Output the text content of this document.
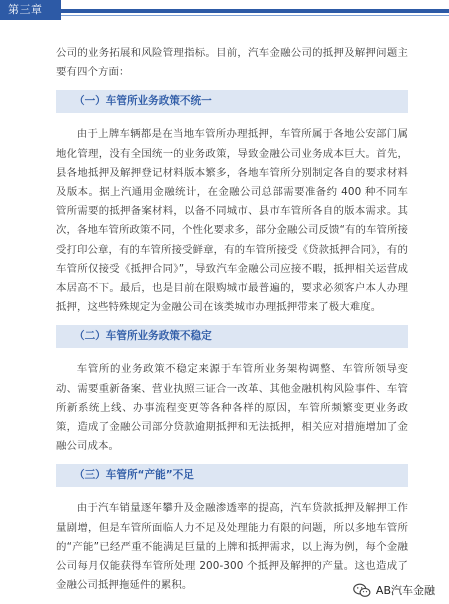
第三章

公司的业务拓展和风险管理指标。目前，汽车金融公司的抵押及解押问题主要有四个方面：

（一）车管所业务政策不统一

由于上牌车辆都是在当地车管所办理抵押，车管所属于各地公安部门属地化管理，没有全国统一的业务政策，导致金融公司业务成本巨大。首先，县各地抵押及解押登记材料版本繁多，各地车管所分别制定各自的要求材料及版本。据上汽通用金融统计，在金融公司总部需要准备约 400 种不同车管所需要的抵押备案材料，以备不同城市、县市车管所各自的版本需求。其次，各地车管所政策不同，个性化要求多，部分金融公司反馈“有的车管所接受打印公章，有的车管所接受鲜章，有的车管所接受《贷款抵押合同》，有的车管所仅接受《抵押合同》”，导致汽车金融公司应接不暇，抵押相关运营成本居高不下。最后，也是目前在限购城市最普遍的，要求必须客户本人办理抵押，这些特殊规定为金融公司在该类城市办理抵押带来了极大难度。

（二）车管所业务政策不稳定

车管所的业务政策不稳定来源于车管所业务架构调整、车管所领导变动、需要重新备案、营业执照三证合一改革、其他金融机构风险事件、车管所新系统上线、办事流程变更等各种各样的原因，车管所频繁变更业务政策，造成了金融公司部分贷款逾期抵押和无法抵押，相关应对措施增加了金融公司成本。

（三）车管所“产能”不足

由于汽车销量逐年攀升及金融渗透率的提高，汽车贷款抵押及解押工作量剧增，但是车管所面临人力不足及处理能力有限的问题，所以多地车管所的“产能”已经严重不能满足巨量的上牌和抵押需求，以上海为例，每个金融公司每月仅能获得车管所处理 200-300 个抵押及解押的产量。这也造成了金融公司抵押拖延件的累积。	AB汽车金融
